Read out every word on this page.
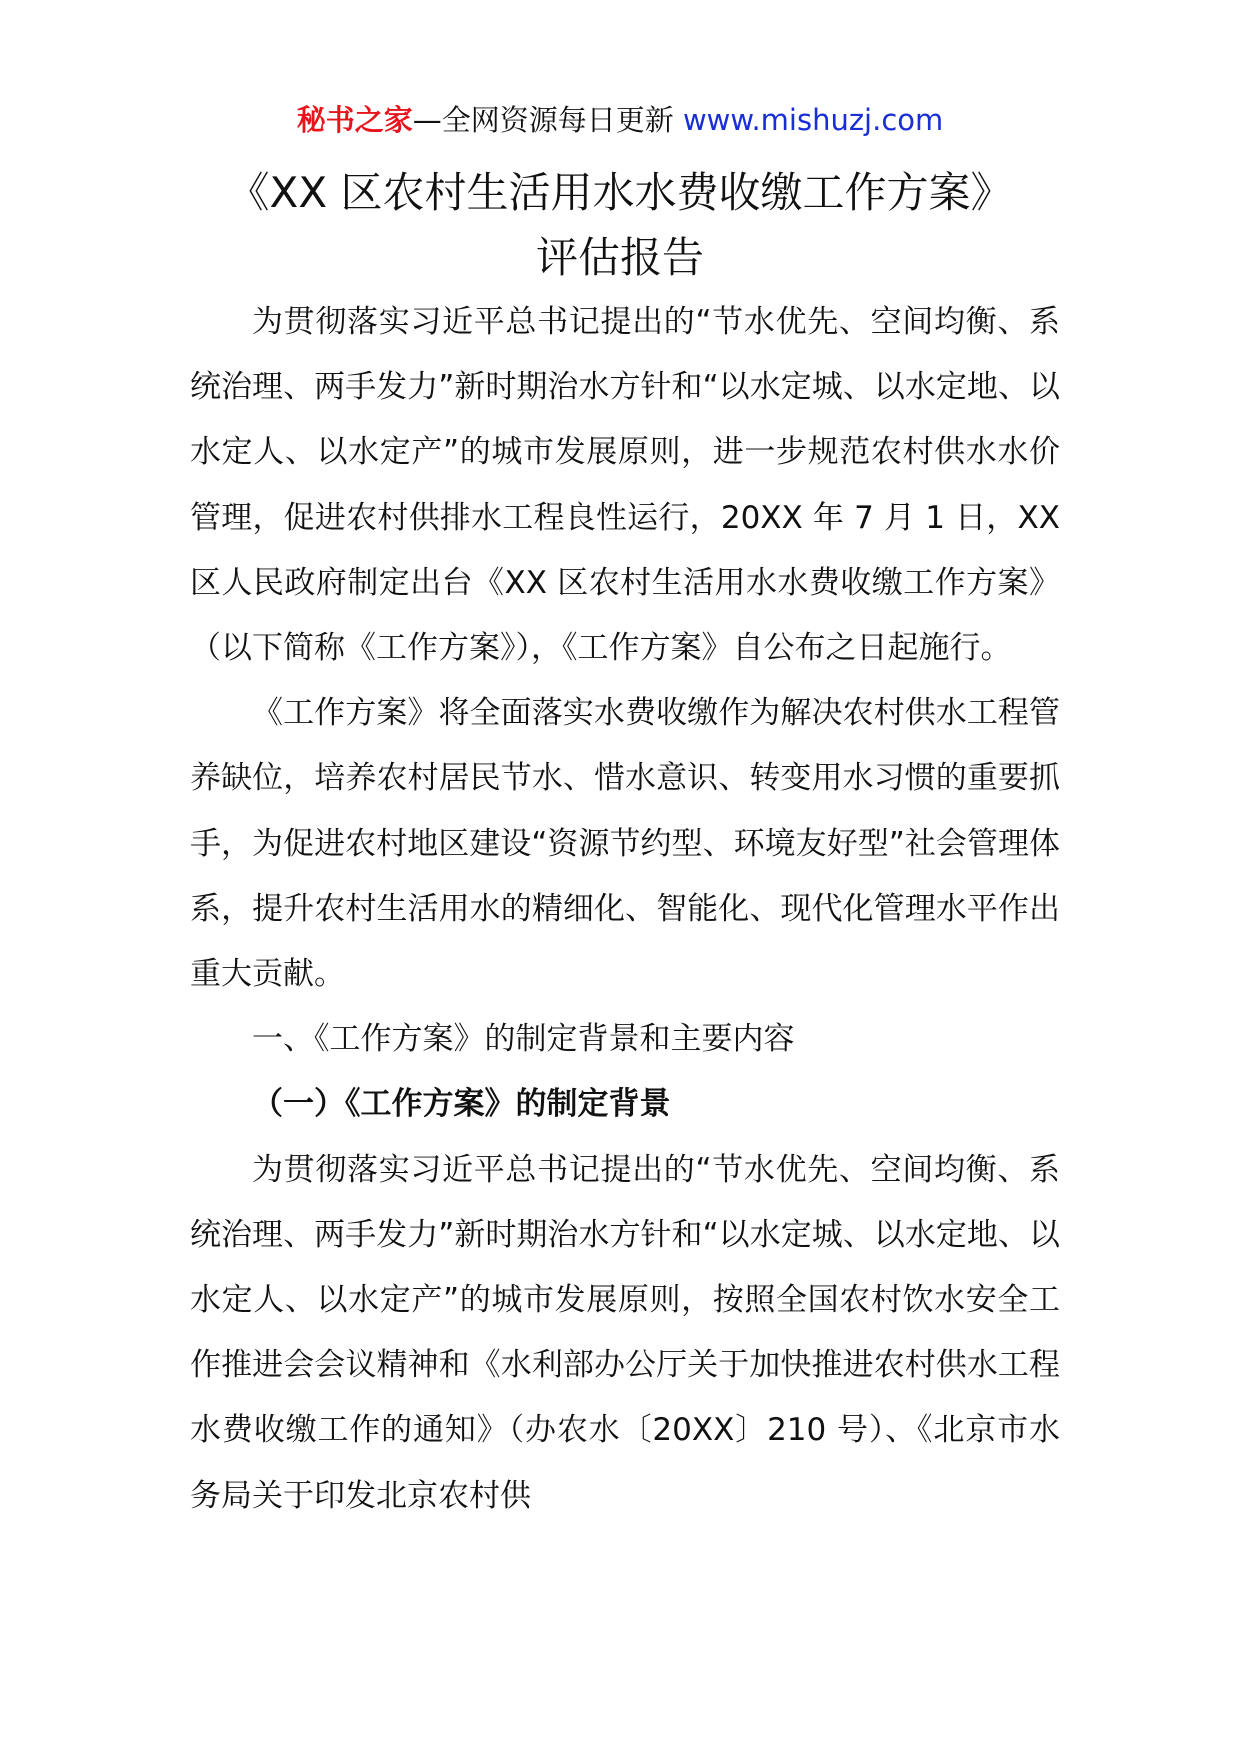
秘书之家—全网资源每日更新 www.mishuzj.com
《XX 区农村生活用水水费收缴工作方案》
评估报告

为贯彻落实习近平总书记提出的“节水优先、空间均衡、系统治理、两手发力”新时期治水方针和“以水定城、以水定地、以水定人、以水定产”的城市发展原则，进一步规范农村供水水价管理，促进农村供排水工程良性运行，20XX 年 7 月 1 日，XX 区人民政府制定出台《XX 区农村生活用水水费收缴工作方案》（以下简称《工作方案》），《工作方案》自公布之日起施行。

《工作方案》将全面落实水费收缴作为解决农村供水工程管养缺位，培养农村居民节水、惜水意识、转变用水习惯的重要抓手，为促进农村地区建设“资源节约型、环境友好型”社会管理体系，提升农村生活用水的精细化、智能化、现代化管理水平作出重大贡献。

一、《工作方案》的制定背景和主要内容

（一）《工作方案》的制定背景

为贯彻落实习近平总书记提出的“节水优先、空间均衡、系统治理、两手发力”新时期治水方针和“以水定城、以水定地、以水定人、以水定产”的城市发展原则，按照全国农村饮水安全工作推进会会议精神和《水利部办公厅关于加快推进农村供水工程水费收缴工作的通知》（办农水〔20XX〕210 号）、《北京市水务局关于印发北京农村供
